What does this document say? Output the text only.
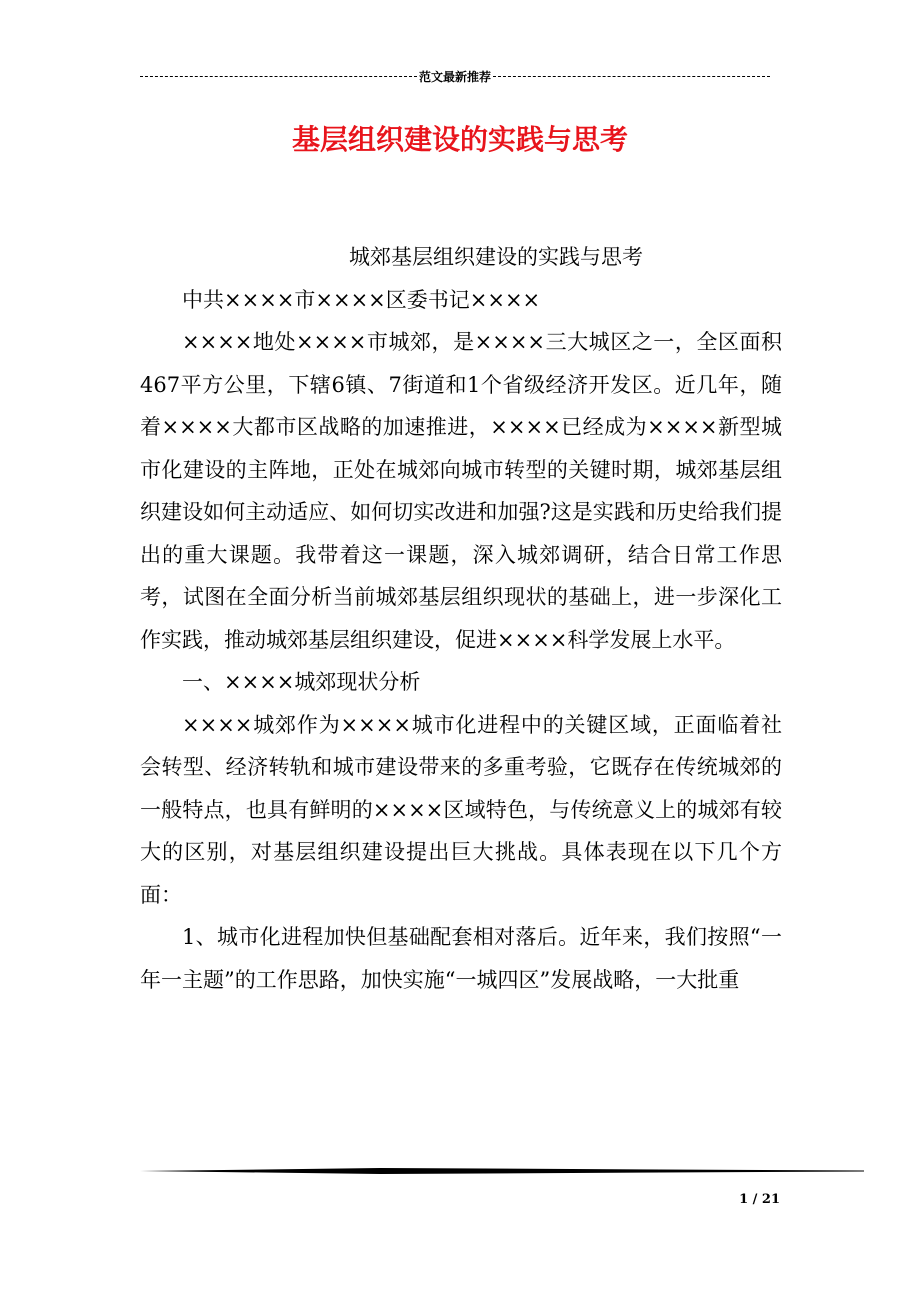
范文最新推荐
基层组织建设的实践与思考

城郊基层组织建设的实践与思考

中共××××市××××区委书记××××

××××地处××××市城郊，是××××三大城区之一，全区面积467平方公里，下辖6镇、7街道和1个省级经济开发区。近几年，随着××××大都市区战略的加速推进，××××已经成为××××新型城市化建设的主阵地，正处在城郊向城市转型的关键时期，城郊基层组织建设如何主动适应、如何切实改进和加强?这是实践和历史给我们提出的重大课题。我带着这一课题，深入城郊调研，结合日常工作思考，试图在全面分析当前城郊基层组织现状的基础上，进一步深化工作实践，推动城郊基层组织建设，促进××××科学发展上水平。

一、××××城郊现状分析

××××城郊作为××××城市化进程中的关键区域，正面临着社会转型、经济转轨和城市建设带来的多重考验，它既存在传统城郊的一般特点，也具有鲜明的××××区域特色，与传统意义上的城郊有较大的区别，对基层组织建设提出巨大挑战。具体表现在以下几个方面：

1、城市化进程加快但基础配套相对落后。近年来，我们按照“一年一主题”的工作思路，加快实施“一城四区”发展战略，一大批重

1 / 21
